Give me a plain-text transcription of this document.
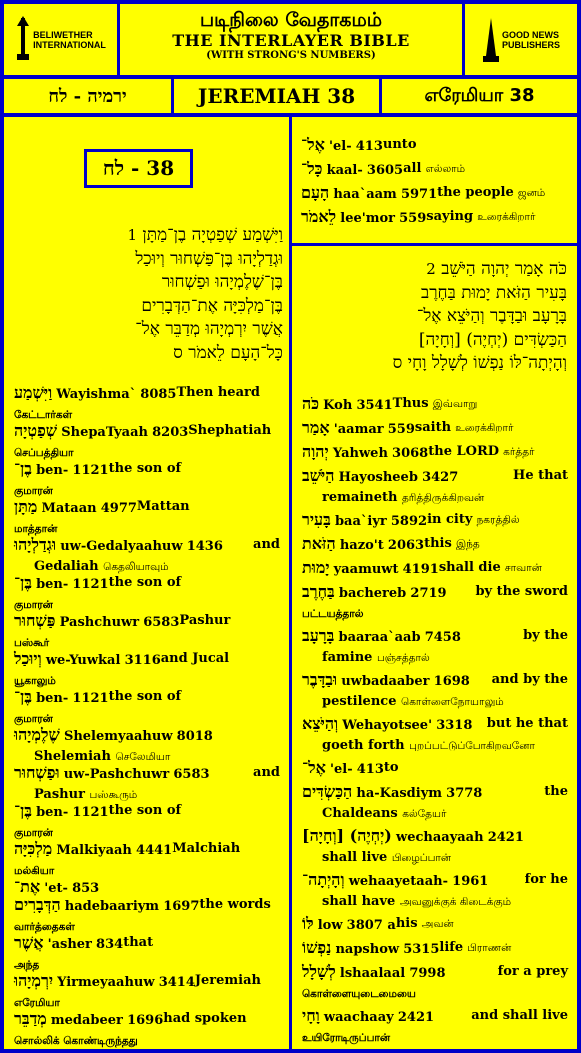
BELIWETHER
INTERNATIONAL
படிநிலை வேதாகமம்
THE INTERLAYER BIBLE
(WITH STRONG'S NUMBERS)
GOOD NEWS
PUBLISHERS
ירמיה - לח	JEREMIAH 38	எரேமியா 38
38 - לח
וַיִּשְׁמַע שְׁפַטְיָה בֶן־מַתָּן 1
וּגְדַלְיָהוּ בֶּן־פַּשְׁחוּר וְיוּכַל
בֶּן־שֶׁלֶמְיָהוּ וּפַשְׁחוּר
בֶּן־מַלְכִּיָּה אֶת־הַדְּבָרִים
אֲשֶׁר יִרְמְיָהוּ מְדַבֵּר אֶל־
כָּל־הָעָם לֵאמֹר ס
וַיִּשְׁמַע Wayishma` 8085 Then heard
கேட்டார்கள்
שְׁפַטְיָה ShepaTyaah 8203 Shephatiah
செப்பத்தியா
בֶן־ ben- 1121 the son of
குமாரன்
מַתָּן Mataan 4977 Mattan
மாத்தான்
וּגְדַלְיָהוּ uw-Gedalyaahuw 1436 and
Gedaliah கெதலியாவும்
בֶּן־ ben- 1121 the son of
குமாரன்
פַּשְׁחוּר Pashchuwr 6583 Pashur
பஸ்கூர்
וְיוּכַל we-Yuwkal 3116 and Jucal
யூகாலும்
בֶּן־ ben- 1121 the son of
குமாரன்
שֶׁלֶמְיָהוּ Shelemyaahuw 8018
Shelemiah செலேமியா
וּפַשְׁחוּר uw-Pashchuwr 6583	and
Pashur பஸ்கூரும்
בֶּן־ ben- 1121 the son of
குமாரன்
מַלְכִּיָּה Malkiyaah 4441 Malchiah
மல்கியா
אֶת־ 'et- 853
הַדְּבָרִים hadebaariym 1697 the words
வார்த்தைகள்
אֲשֶׁר 'asher 834 that
அந்த
יִרְמְיָהוּ Yirmeyaahuw 3414 Jeremiah
எரேமியா
מְדַבֵּר medabeer 1696 had spoken
சொல்லிக் கொண்டிருந்தது
אֶל־ 'el- 413 unto
כָּל־ kaal- 3605 all எல்லாம்
הָעָם haa`aam 5971 the people ஜனம்
לֵאמֹר lee'mor 559 saying உரைக்கிறார்
כֹּה אָמַר יְהוָה הַיֹּשֵׁב 2
בָּעִיר הַזֹּאת יָמוּת בַּחֶרֶב
בָּרָעָב וּבַדָּבֶר וְהַיֹּצֵא אֶל־
הַכַּשְׂדִּים (יְחְיֶה) [וְחָיָה]
וְהָיְתָה־לּוֹ נַפְשׁוֹ לְשָׁלָל וָחָי ס
כֹּה Koh 3541 Thus இவ்வாறு
אָמַר 'aamar 559 saith உரைக்கிறார்
יְהוָה Yahweh 3068 the LORD கர்த்தர்
הַיֹּשֵׁב Hayosheeb 3427	He that
remaineth தரித்திருக்கிறவன்
בָּעִיר baa`iyr 5892 in city நகரத்தில்
הַזֹּאת hazo't 2063 this இந்த
יָמוּת yaamuwt 4191 shall die சாவான்
בַּחֶרֶב bachereb 2719 by the sword
பட்டயத்தால்
בָּרָעָב baaraa`aab 7458	by the
famine பஞ்சத்தால்
וּבַדָּבֶר uwbadaaber 1698 and by the
pestilence கொள்ளைநோயாலும்
וְהַיֹּצֵא Wehayotsee' 3318 but he that
goeth forth புறப்பட்டுப்போகிறவனோ
אֶל־ 'el- 413 to
הַכַּשְׂדִּים ha-Kasdiym 3778	the
Chaldeans கல்தேயர்
(יְחְיֶה) [וְחָיָה] wechaayaah 2421
shall live பிழைப்பான்
וְהָיְתָה־ wehaayetaah- 1961	for he
shall have அவனுக்குக் கிடைக்கும்
לּוֹ low 3807 a his அவன்
נַפְשׁוֹ napshow 5315 life பிராணன்
לְשָׁלָל lshaalaal 7998	for a prey
கொள்ளையுடைமையை
וָחָי waachaay 2421	and shall live
உயிரோடிருப்பான்
